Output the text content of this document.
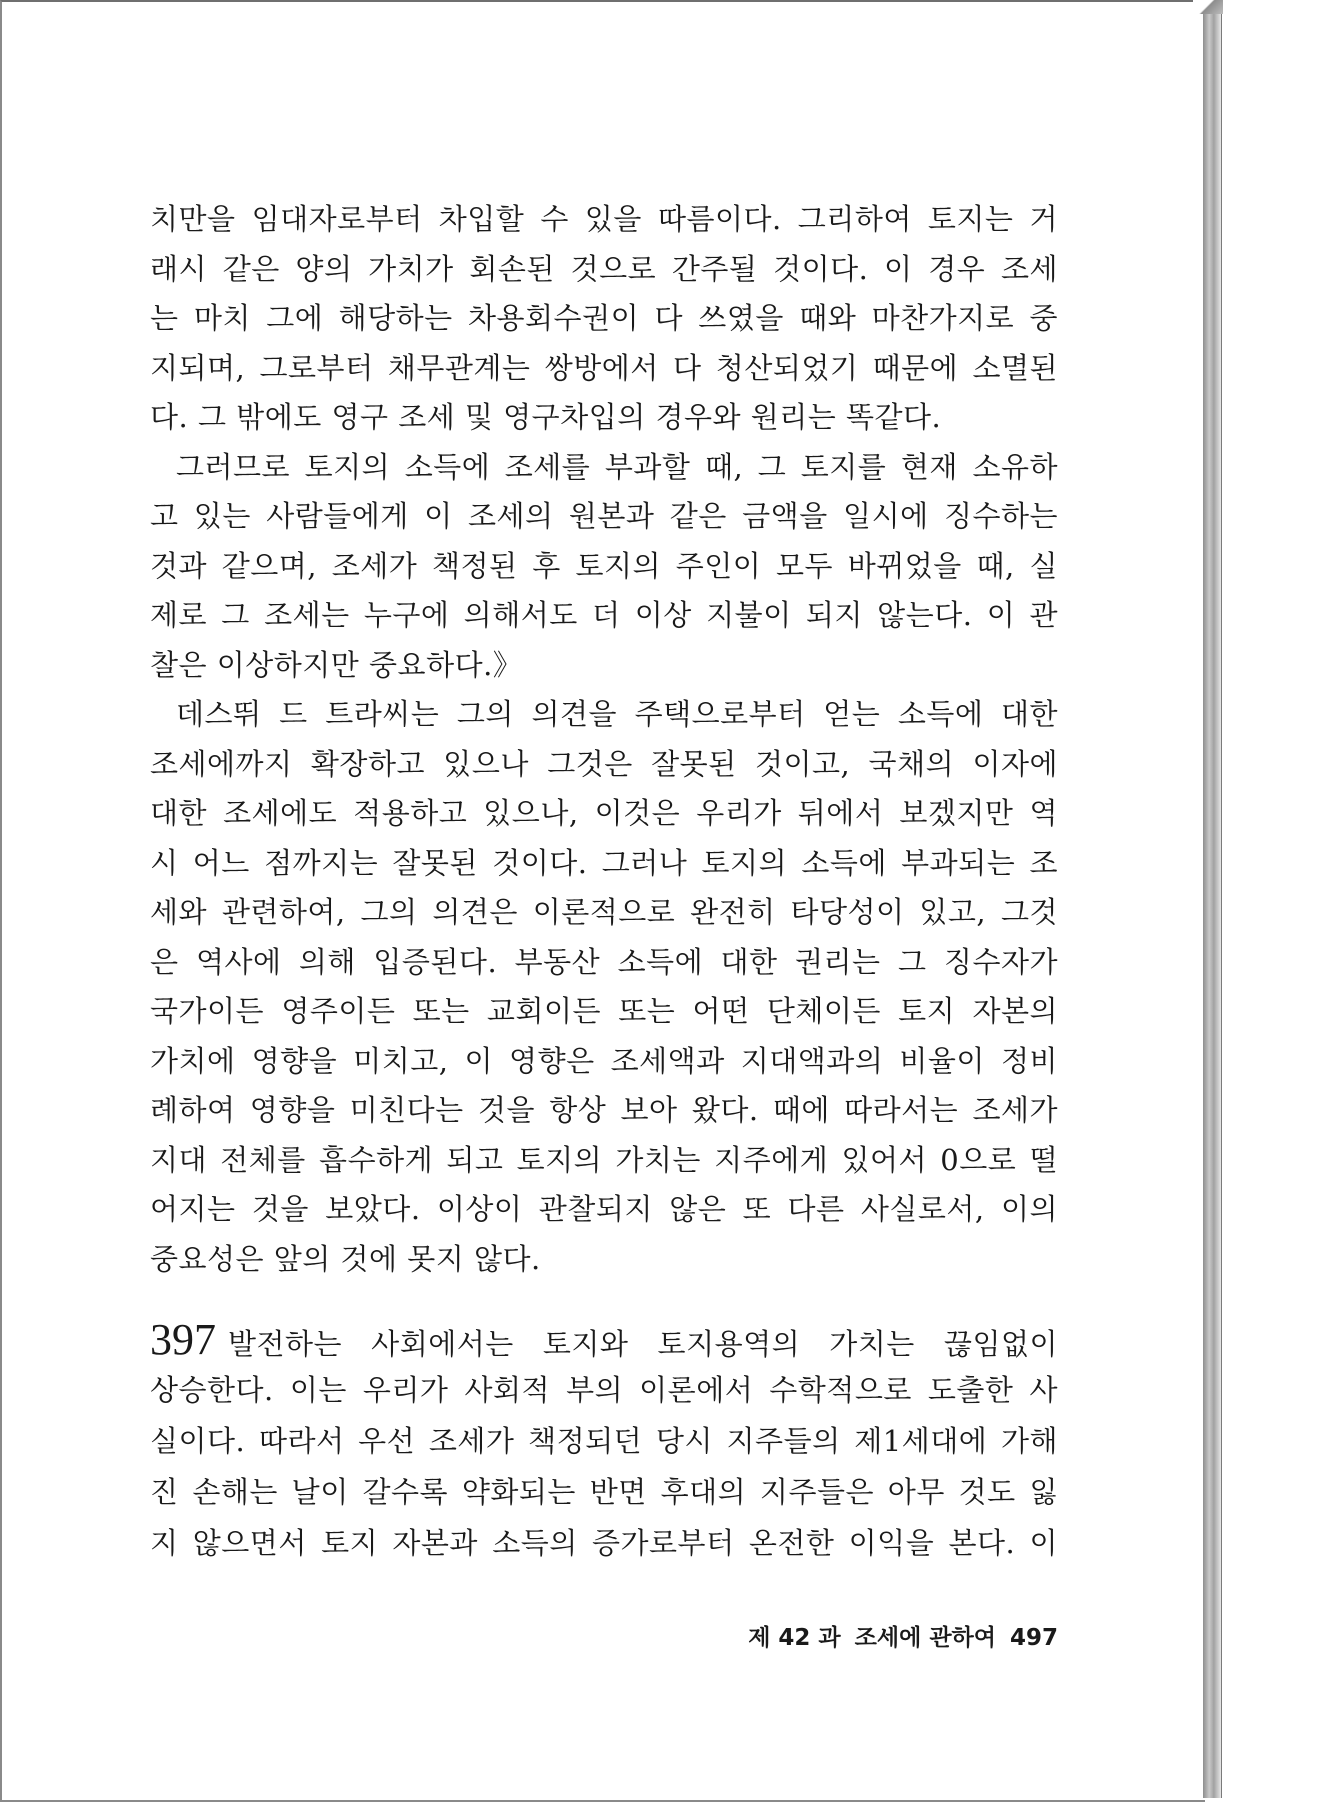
치만을 임대자로부터 차입할 수 있을 따름이다. 그리하여 토지는 거
래시 같은 양의 가치가 회손된 것으로 간주될 것이다. 이 경우 조세
는 마치 그에 해당하는 차용회수권이 다 쓰였을 때와 마찬가지로 중
지되며, 그로부터 채무관계는 쌍방에서 다 청산되었기 때문에 소멸된
다. 그 밖에도 영구 조세 및 영구차입의 경우와 원리는 똑같다.
그러므로 토지의 소득에 조세를 부과할 때, 그 토지를 현재 소유하
고 있는 사람들에게 이 조세의 원본과 같은 금액을 일시에 징수하는
것과 같으며, 조세가 책정된 후 토지의 주인이 모두 바뀌었을 때, 실
제로 그 조세는 누구에 의해서도 더 이상 지불이 되지 않는다. 이 관
찰은 이상하지만 중요하다.》
데스뛰 드 트라씨는 그의 의견을 주택으로부터 얻는 소득에 대한
조세에까지 확장하고 있으나 그것은 잘못된 것이고, 국채의 이자에
대한 조세에도 적용하고 있으나, 이것은 우리가 뒤에서 보겠지만 역
시 어느 점까지는 잘못된 것이다. 그러나 토지의 소득에 부과되는 조
세와 관련하여, 그의 의견은 이론적으로 완전히 타당성이 있고, 그것
은 역사에 의해 입증된다. 부동산 소득에 대한 권리는 그 징수자가
국가이든 영주이든 또는 교회이든 또는 어떤 단체이든 토지 자본의
가치에 영향을 미치고, 이 영향은 조세액과 지대액과의 비율이 정비
례하여 영향을 미친다는 것을 항상 보아 왔다. 때에 따라서는 조세가
지대 전체를 흡수하게 되고 토지의 가치는 지주에게 있어서 0으로 떨
어지는 것을 보았다. 이상이 관찰되지 않은 또 다른 사실로서, 이의
중요성은 앞의 것에 못지 않다.
397 발전하는 사회에서는 토지와 토지용역의 가치는 끊임없이
상승한다. 이는 우리가 사회적 부의 이론에서 수학적으로 도출한 사
실이다. 따라서 우선 조세가 책정되던 당시 지주들의 제1세대에 가해
진 손해는 날이 갈수록 약화되는 반면 후대의 지주들은 아무 것도 잃
지 않으면서 토지 자본과 소득의 증가로부터 온전한 이익을 본다. 이
제 42 과 조세에 관하여 497
